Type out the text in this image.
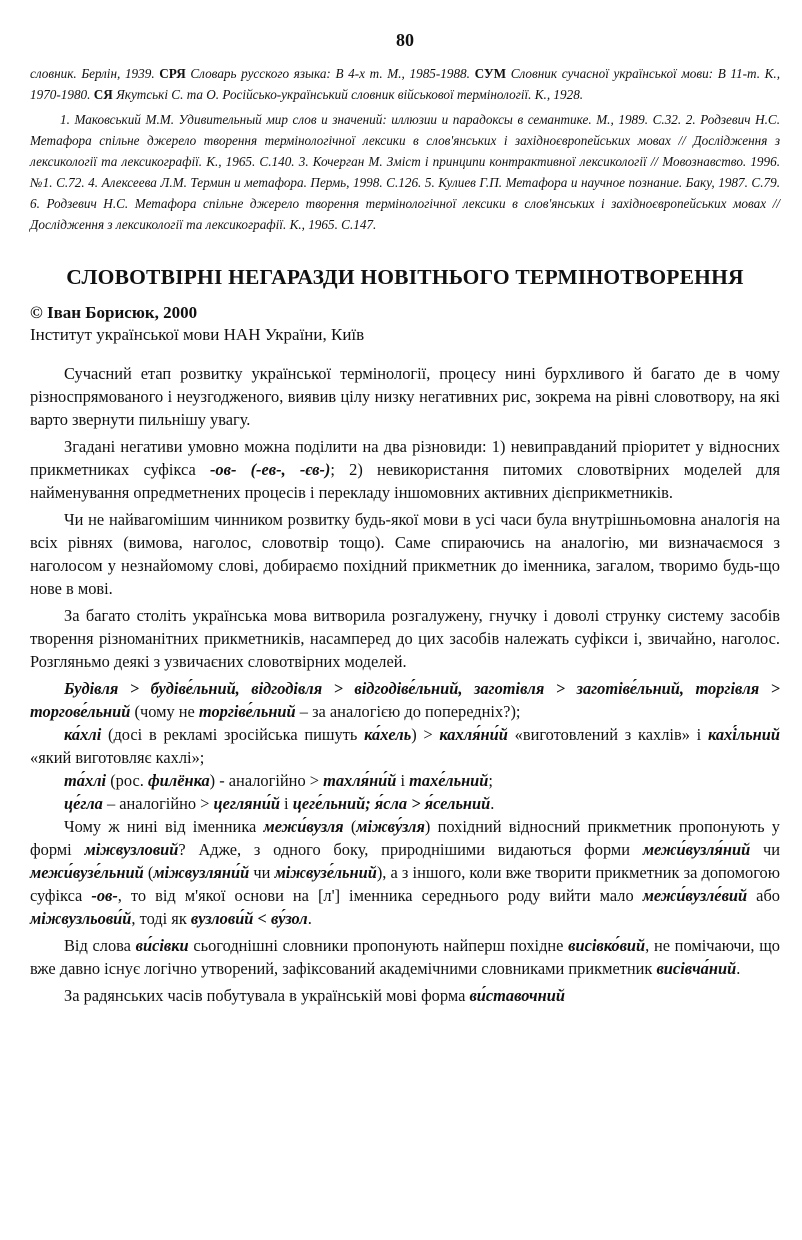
80

словник. Берлін, 1939. СРЯ Словарь русского языка: В 4-х т. М., 1985-1988. СУМ Словник сучасної української мови: В 11-т. К., 1970-1980. СЯ Якутські С. та О. Російсько-український словник військової термінології. К., 1928.

1. Маковський М.М. Удивительный мир слов и значений: иллюзии и парадоксы в семантике. М., 1989. С.32. 2. Родзевич Н.С. Метафора спільне джерело творення термінологічної лексики в слов'янських і західноєвропейських мовах // Дослідження з лексикології та лексикографії. К., 1965. С.140. 3. Кочерган М. Зміст і принципи контрактивної лексикології // Мовознавство. 1996. №1. С.72. 4. Алексеева Л.М. Термин и метафора. Пермь, 1998. С.126. 5. Кулиев Г.П. Метафора и научное познание. Баку, 1987. С.79. 6. Родзевич Н.С. Метафора спільне джерело творення термінологічної лексики в слов'янських і західноєвропейських мовах // Дослідження з лексикології та лексикографії. К., 1965. С.147.

СЛОВОТВІРНІ НЕГАРАЗДИ НОВІТНЬОГО ТЕРМІНОТВОРЕННЯ

© Іван Борисюк, 2000

Інститут української мови НАН України, Київ

Сучасний етап розвитку української термінології, процесу нині бурхливого й багато де в чому різноспрямованого і неузгодженого, виявив цілу низку негативних рис, зокрема на рівні словотвору, на які варто звернути пильнішу увагу.

Згадані негативи умовно можна поділити на два різновиди: 1) невиправданий пріоритет у відносних прикметниках суфікса -ов- (-ев-, -єв-); 2) невикористання питомих словотвірних моделей для найменування опредметнених процесів і перекладу іншомовних активних дієприкметників.

Чи не найвагомішим чинником розвитку будь-якої мови в усі часи була внутрішньомовна аналогія на всіх рівнях (вимова, наголос, словотвір тощо). Саме спираючись на аналогію, ми визначаємося з наголосом у незнайомому слові, добираємо похідний прикметник до іменника, загалом, творимо будь-що нове в мові.

За багато століть українська мова витворила розгалужену, гнучку і доволі струнку систему засобів творення різноманітних прикметників, насамперед до цих засобів належать суфікси і, звичайно, наголос. Розгляньмо деякі з узвичаєних словотвірних моделей.

Будівля > будіве́льний, відгодівля > відгодіве́льний, заготівля > заготіве́льний, торгівля > торгове́льний (чому не торгіве́льний – за аналогією до попередніх?);

ка́хлі (досі в рекламі зросійська пишуть ка́хель) > кахля́ни́й «виготовлений з кахлів» і кахі́льний «який виготовляє кахлі»;

та́хлі (рос. филёнка) - аналогійно > тахля́ни́й і тахе́льний;

це́гла – аналогійно > цегляни́й і цеге́льний; я́сла > я́сельний.

Чому ж нині від іменника межи́вузля (міжву́зля) похідний відносний прикметник пропонують у формі міжвузловий? Адже, з одного боку, природнішими видаються форми межи́вузля́ний чи межи́вузе́льний (міжвузляни́й чи міжвузе́льний), а з іншого, коли вже творити прикметник за допомогою суфікса -ов-, то від м'якої основи на [л'] іменника середнього роду вийти мало межи́вузле́вий або міжвузльови́й, тоді як вузлови́й < ву́зол.

Від слова ви́сівки сьогоднішні словники пропонують найперш похідне висівко́вий, не помічаючи, що вже давно існує логічно утворений, зафіксований академічними словниками прикметник висівча́ний.

За радянських часів побутувала в українській мові форма ви́ставочний
